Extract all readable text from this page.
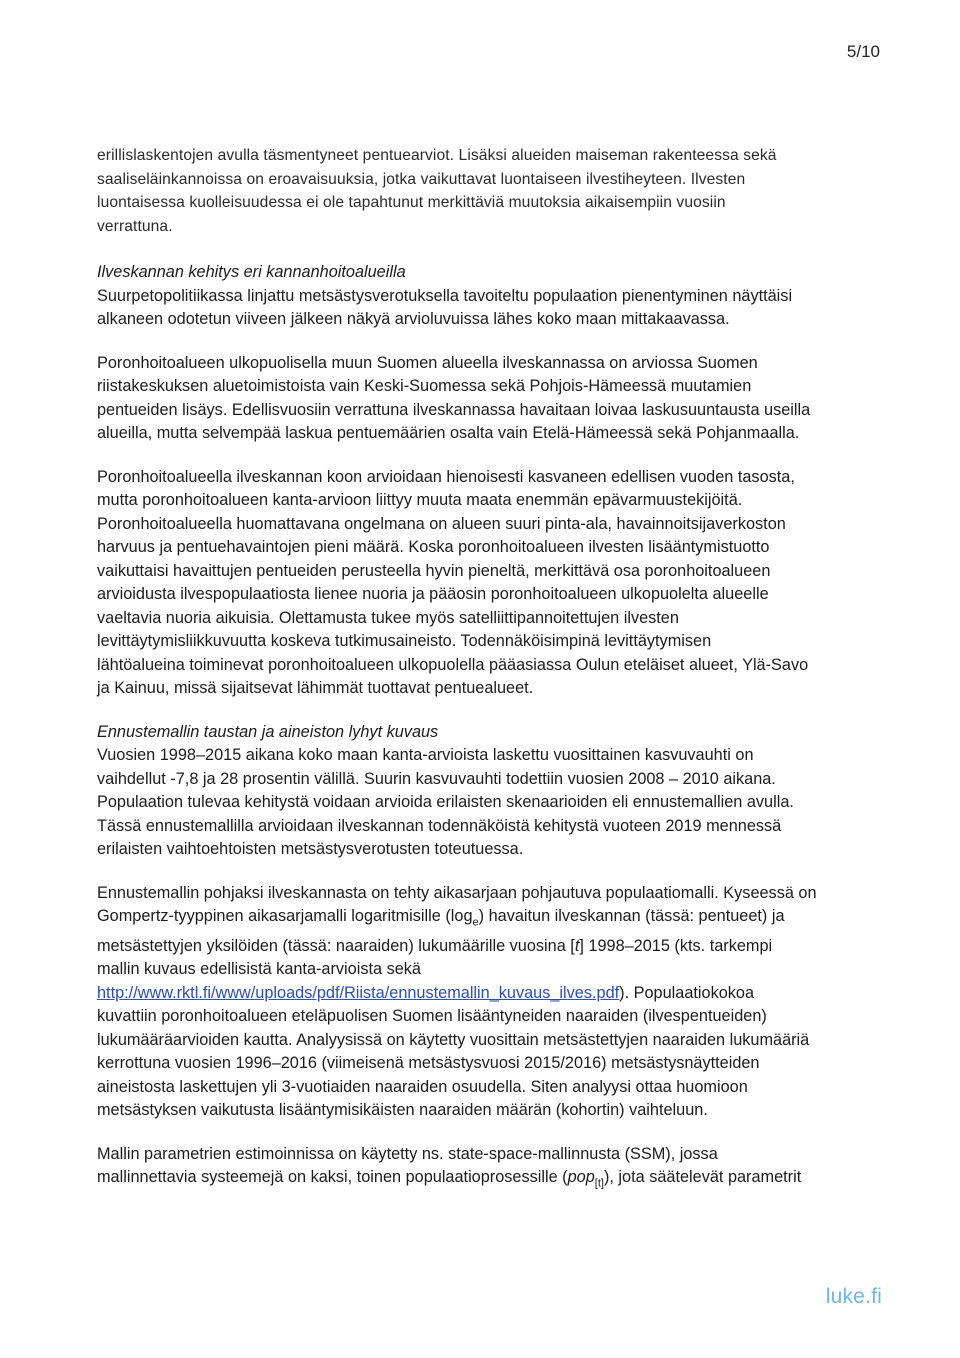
5/10

erillislaskentojen avulla täsmentyneet pentuearviot. Lisäksi alueiden maiseman rakenteessa sekä
saaliseläinkannoissa on eroavaisuuksia, jotka vaikuttavat luontaiseen ilvestiheyteen. Ilvesten
luontaisessa kuolleisuudessa ei ole tapahtunut merkittäviä muutoksia aikaisempiin vuosiin
verrattuna.

Ilveskannan kehitys eri kannanhoitoalueilla
Suurpetopolitiikassa linjattu metsästysverotuksella tavoiteltu populaation pienentyminen näyttäisi
alkaneen odotetun viiveen jälkeen näkyä arvioluvuissa lähes koko maan mittakaavassa.

Poronhoitoalueen ulkopuolisella muun Suomen alueella ilveskannassa on arviossa Suomen
riistakeskuksen aluetoimistoista vain Keski-Suomessa sekä Pohjois-Hämeessä muutamien
pentueiden lisäys. Edellisvuosiin verrattuna ilveskannassa havaitaan loivaa laskusuuntausta useilla
alueilla, mutta selvempää laskua pentuemäärien osalta vain Etelä-Hämeessä sekä Pohjanmaalla.

Poronhoitoalueella ilveskannan koon arvioidaan hienoisesti kasvaneen edellisen vuoden tasosta,
mutta poronhoitoalueen kanta-arvioon liittyy muuta maata enemmän epävarmuustekijöitä.
Poronhoitoalueella huomattavana ongelmana on alueen suuri pinta-ala, havainnoitsijaverkoston
harvuus ja pentuehavaintojen pieni määrä. Koska poronhoitoalueen ilvesten lisääntymistuotto
vaikuttaisi havaittujen pentueiden perusteella hyvin pieneltä, merkittävä osa poronhoitoalueen
arvioidusta ilvespopulaatiosta lienee nuoria ja pääosin poronhoitoalueen ulkopuolelta alueelle
vaeltavia nuoria aikuisia. Olettamusta tukee myös satelliittipannoitettujen ilvesten
levittäytymisliikkuvuutta koskeva tutkimusaineisto. Todennäköisimpinä levittäytymisen
lähtöalueina toiminevat poronhoitoalueen ulkopuolella pääasiassa Oulun eteläiset alueet, Ylä-Savo
ja Kainuu, missä sijaitsevat lähimmät tuottavat pentuealueet.

Ennustemallin taustan ja aineiston lyhyt kuvaus
Vuosien 1998–2015 aikana koko maan kanta-arvioista laskettu vuosittainen kasvuvauhti on
vaihdellut -7,8 ja 28 prosentin välillä. Suurin kasvuvauhti todettiin vuosien 2008 – 2010 aikana.
Populaation tulevaa kehitystä voidaan arvioida erilaisten skenaarioiden eli ennustemallien avulla.
Tässä ennustemallilla arvioidaan ilveskannan todennäköistä kehitystä vuoteen 2019 mennessä
erilaisten vaihtoehtoisten metsästysverotusten toteutuessa.

Ennustemallin pohjaksi ilveskannasta on tehty aikasarjaan pohjautuva populaatiomalli. Kyseessä on
Gompertz-tyyppinen aikasarjamalli logaritmisille $(\log_e)$ havaitun ilveskannan (tässä: pentueet) ja
metsästettyjen yksilöiden (tässä: naaraiden) lukumäärille vuosina [t] 1998–2015 (kts. tarkempi
mallin kuvaus edellisistä kanta-arvioista sekä
http://www.rktl.fi/www/uploads/pdf/Riista/ennustemallin_kuvaus_ilves.pdf). Populaatiokokoa
kuvattiin poronhoitoalueen eteläpuolisen Suomen lisääntyneiden naaraiden (ilvespentueiden)
lukumääräarvioiden kautta. Analyysissä on käytetty vuosittain metsästettyjen naaraiden lukumääriä
kerrottuna vuosien 1996–2016 (viimeisenä metsästysvuosi 2015/2016) metsästysnäytteiden
aineistosta laskettujen yli 3-vuotiaiden naaraiden osuudella. Siten analyysi ottaa huomioon
metsästyksen vaikutusta lisääntymisikäisten naaraiden määrän (kohortin) vaihteluun.

Mallin parametrien estimoinnissa on käytetty ns. state-space-mallinnusta (SSM), jossa
mallinnettavia systeemejä on kaksi, toinen populaatioprosessille (pop$_{[t]}$), jota säätelevät parametrit

luke.fi
